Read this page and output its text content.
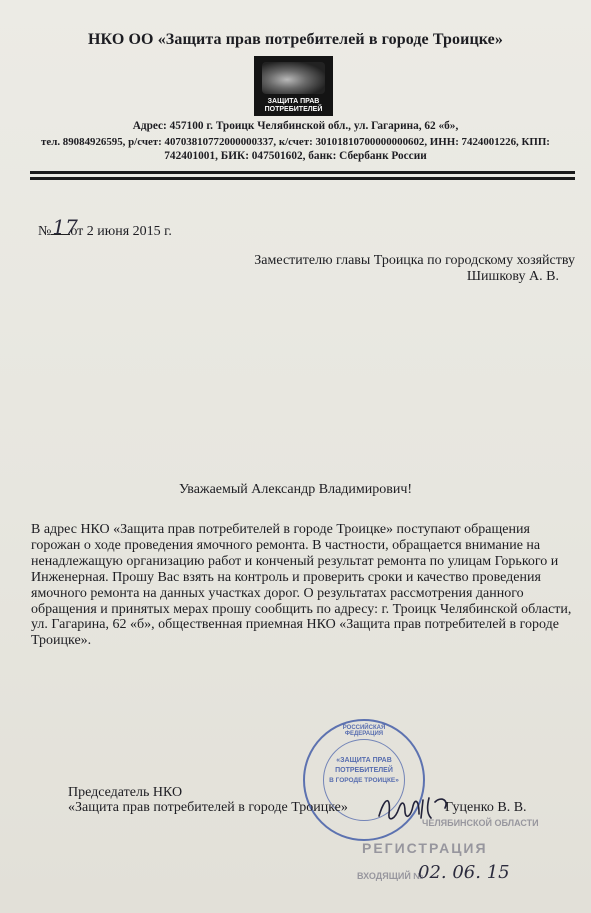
НКО ОО «Защита прав потребителей в городе Троицке»
ЗАЩИТА ПРАВ
ПОТРЕБИТЕЛЕЙ
Адрес: 457100 г. Троицк Челябинской обл., ул. Гагарина, 62 «б»,
тел. 89084926595, р/счет: 40703810772000000337, к/счет: 30101810700000000602, ИНН: 7424001226, КПП:
742401001, БИК: 047501602, банк: Сбербанк России
№ 17
от 2 июня 2015 г.
Заместителю главы Троицка по городскому хозяйству
Шишкову А. В.
Уважаемый Александр Владимирович!
В адрес НКО «Защита прав потребителей в городе Троицке» поступают обращения
горожан о ходе проведения ямочного ремонта. В частности, обращается внимание на
ненадлежащую организацию работ и конченый результат ремонта по улицам Горького и
Инженерная. Прошу Вас взять на контроль и проверить сроки и качество проведения
ямочного ремонта на данных участках дорог. О результатах рассмотрения данного
обращения и принятых мерах прошу сообщить по адресу: г. Троицк Челябинской области,
ул. Гагарина, 62 «б», общественная приемная НКО «Защита прав потребителей в городе
Троицке».
ЧЕЛЯБИНСКОЙ ОБЛАСТИ
РЕГИСТРАЦИЯ
ВХОДЯЩИЙ №
РОССИЙСКАЯ ФЕДЕРАЦИЯ
«ЗАЩИТА ПРАВ
ПОТРЕБИТЕЛЕЙ
В ГОРОДЕ ТРОИЦКЕ»
Председатель НКО
«Защита прав потребителей в городе Троицке»	Гуценко В. В.
02. 06. 15
